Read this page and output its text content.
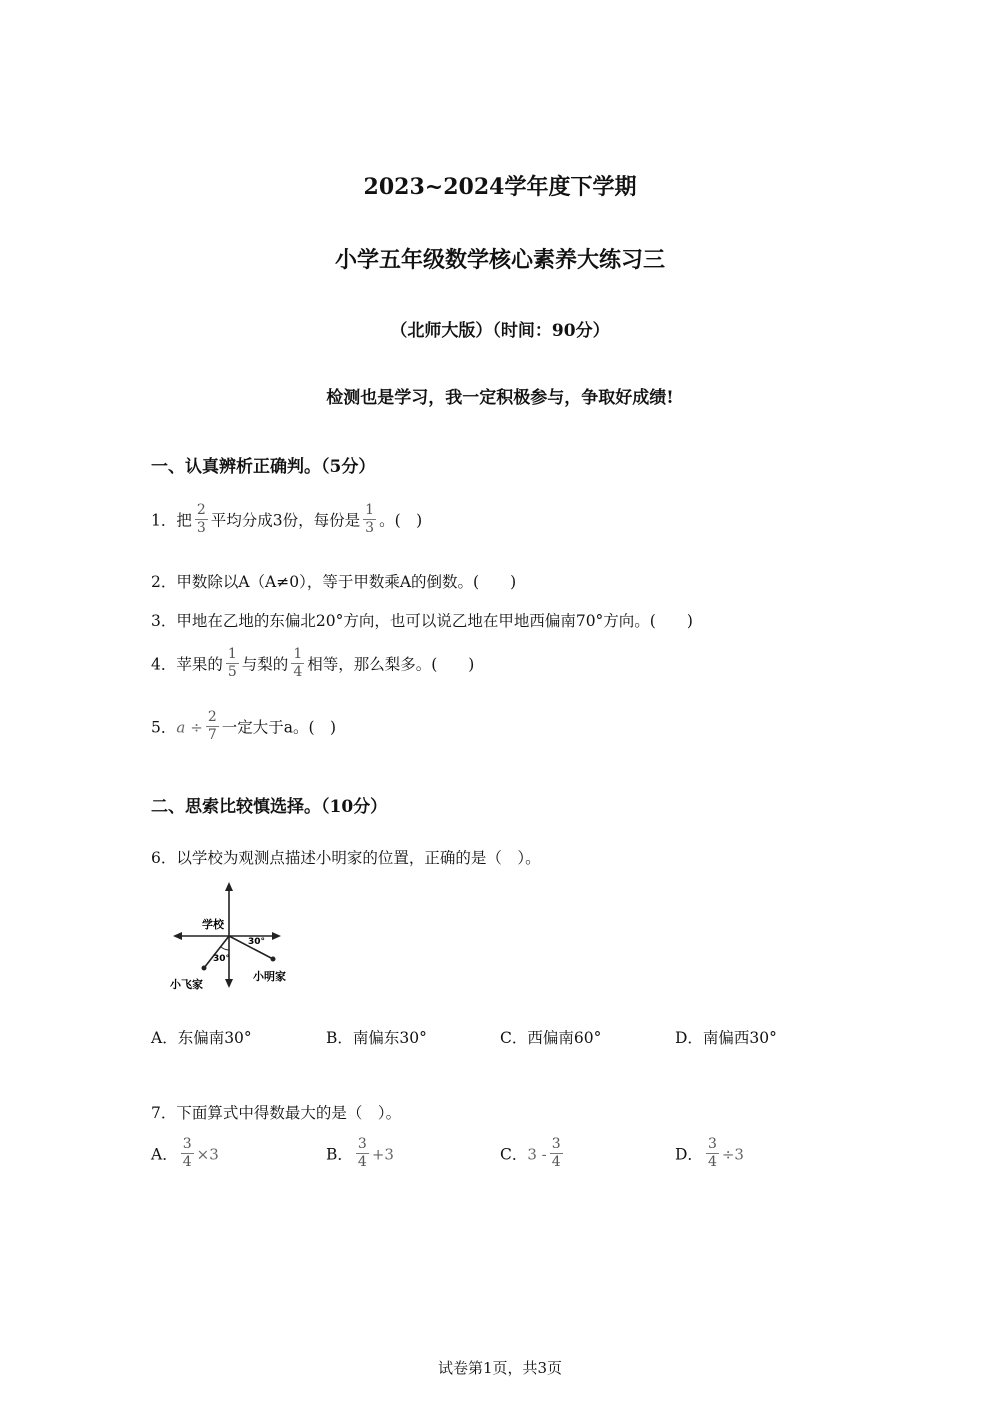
2023~2024学年度下学期
小学五年级数学核心素养大练习三
（北师大版）（时间：90分）
检测也是学习，我一定积极参与，争取好成绩!
一、认真辨析正确判。（5分）
1．把 $\frac{2}{3}$ 平均分成3份，每份是 $\frac{1}{3}$ 。(　)
2．甲数除以A（A≠0），等于甲数乘A的倒数。(　　)
3．甲地在乙地的东偏北20°方向，也可以说乙地在甲地西偏南70°方向。(　　)
4．苹果的 $\frac{1}{5}$ 与梨的 $\frac{1}{4}$ 相等，那么梨多。(　　)
5．$a \div \frac{2}{7}$ 一定大于a。(　)
二、思索比较慎选择。（10分）
6．以学校为观测点描述小明家的位置，正确的是（　）。
学校
30°
30°
小飞家
小明家
A．东偏南30°	B．南偏东30°	C．西偏南60°	D．南偏西30°
7．下面算式中得数最大的是（　）。
A． $\frac{3}{4} \times 3$	B． $\frac{3}{4} +3$	C．$3 - \frac{3}{4}$	D． $\frac{3}{4} \div 3$
试卷第1页，共3页
